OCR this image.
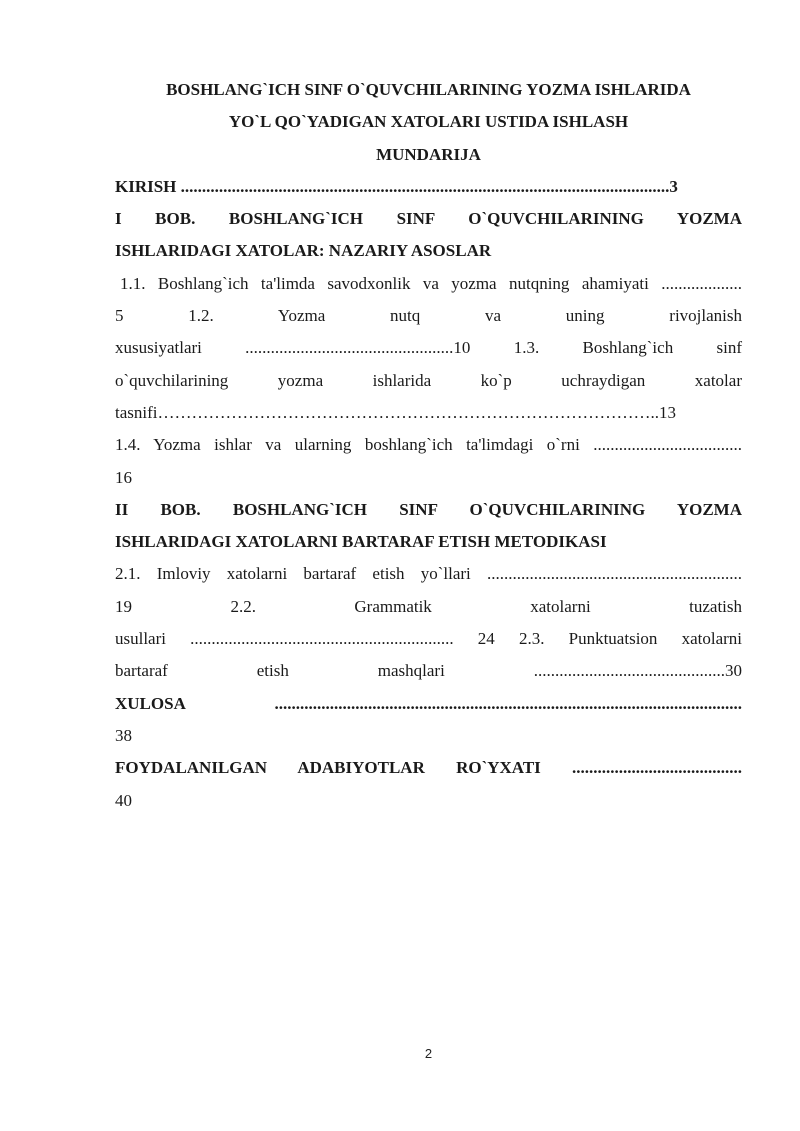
BOSHLANG`ICH SINF O`QUVCHILARINING YOZMA ISHLARIDA

YO`L QO`YADIGAN XATOLARI USTIDA ISHLASH

MUNDARIJA

KIRISH ...................................................................................................................3

I BOB. BOSHLANG`ICH SINF O`QUVCHILARINING YOZMA

ISHLARIDAGI XATOLAR: NAZARIY ASOSLAR

1.1. Boshlang`ich ta'limda savodxonlik va yozma nutqning ahamiyati ...................

5 1.2. Yozma nutq va uning rivojlanish

xususiyatlari .................................................10 1.3. Boshlang`ich sinf

o`quvchilarining yozma ishlarida ko`p uchraydigan xatolar

tasnifi……………………………………………………………………………..13

1.4. Yozma ishlar va ularning boshlang`ich ta'limdagi o`rni ...................................

16

II BOB. BOSHLANG`ICH SINF O`QUVCHILARINING YOZMA

ISHLARIDAGI XATOLARNI BARTARAF ETISH METODIKASI

2.1. Imloviy xatolarni bartaraf etish yo`llari ............................................................

19 2.2. Grammatik xatolarni tuzatish

usullari .............................................................. 24 2.3. Punktuatsion xatolarni

bartaraf etish mashqlari .............................................30

XULOSA ..............................................................................................................

38

FOYDALANILGAN ADABIYOTLAR RO`YXATI ........................................

40

2
